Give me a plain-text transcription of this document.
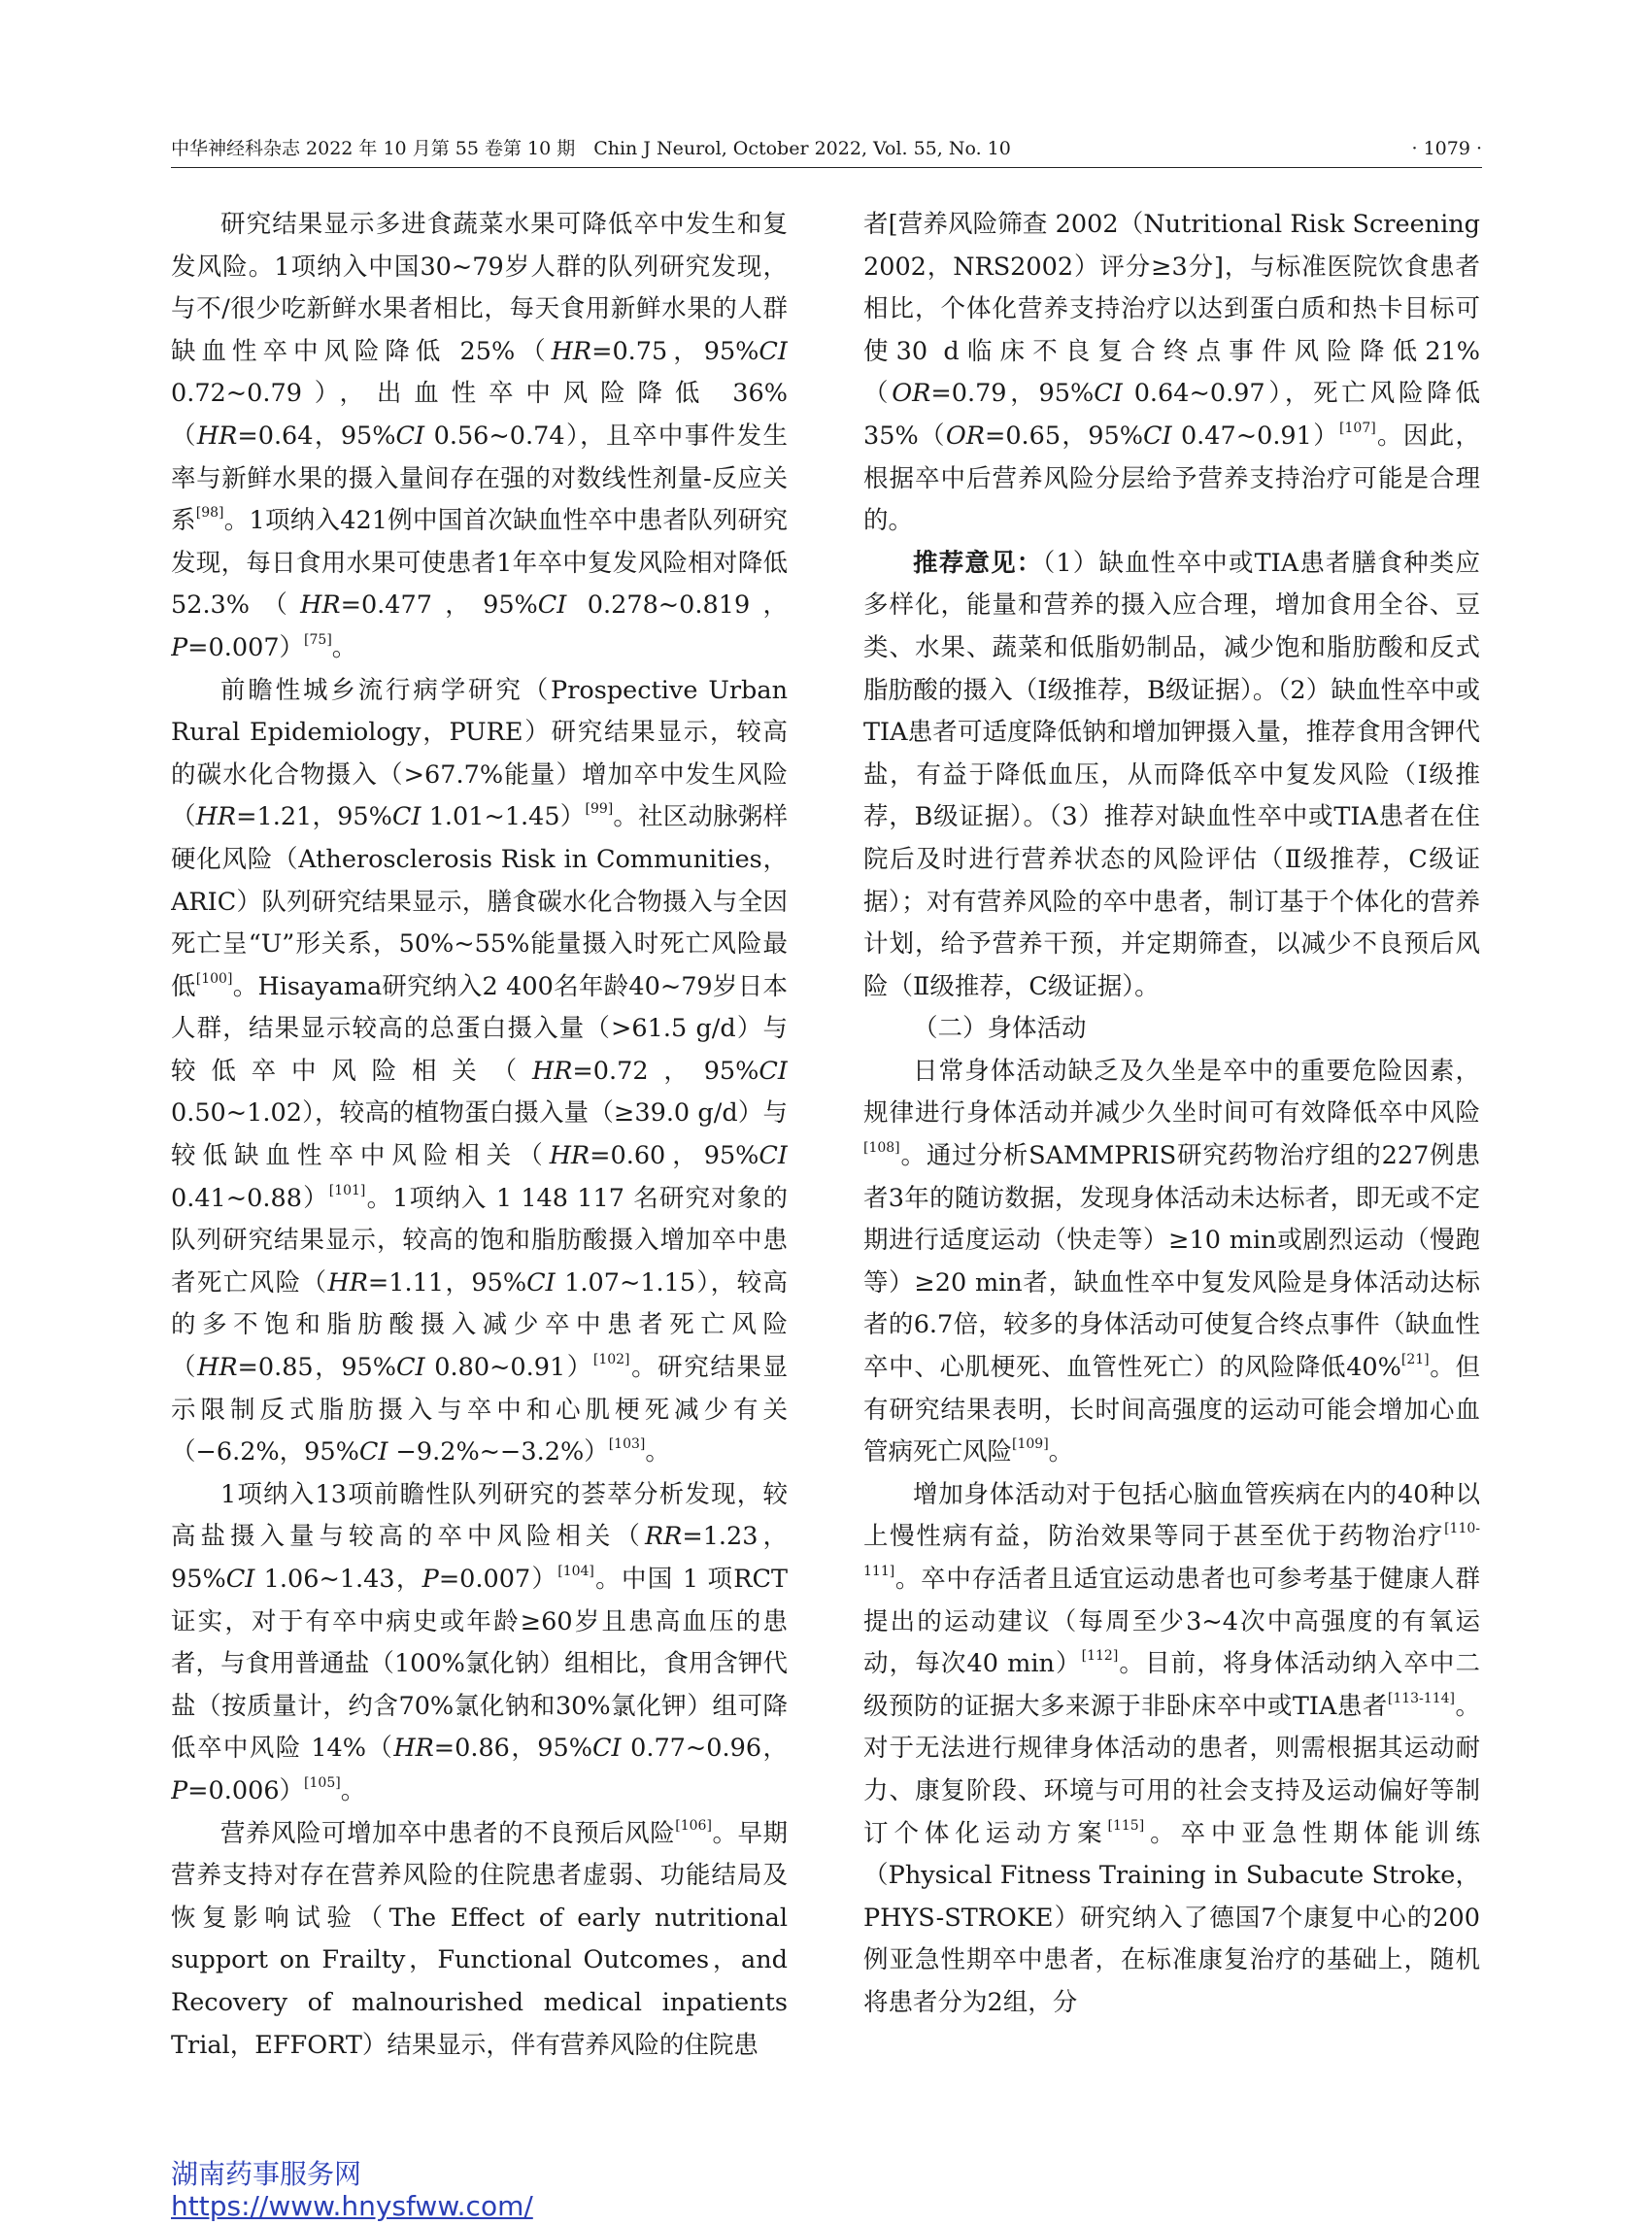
中华神经科杂志 2022 年 10 月第 55 卷第 10 期　Chin J Neurol, October 2022, Vol. 55, No. 10	· 1079 ·

研究结果显示多进食蔬菜水果可降低卒中发生和复发风险。1项纳入中国30~79岁人群的队列研究发现，与不/很少吃新鲜水果者相比，每天食用新鲜水果的人群缺血性卒中风险降低 25%（HR=0.75，95%CI 0.72~0.79），出血性卒中风险降低 36%（HR=0.64，95%CI 0.56~0.74），且卒中事件发生率与新鲜水果的摄入量间存在强的对数线性剂量-反应关系[98]。1项纳入421例中国首次缺血性卒中患者队列研究发现，每日食用水果可使患者1年卒中复发风险相对降低 52.3%（HR=0.477，95%CI 0.278~0.819，P=0.007）[75]。

前瞻性城乡流行病学研究（Prospective Urban Rural Epidemiology，PURE）研究结果显示，较高的碳水化合物摄入（>67.7%能量）增加卒中发生风险（HR=1.21，95%CI 1.01~1.45）[99]。社区动脉粥样硬化风险（Atherosclerosis Risk in Communities，ARIC）队列研究结果显示，膳食碳水化合物摄入与全因死亡呈“U”形关系，50%~55%能量摄入时死亡风险最低[100]。Hisayama研究纳入2 400名年龄40~79岁日本人群，结果显示较高的总蛋白摄入量（>61.5 g/d）与较低卒中风险相关（HR=0.72，95%CI 0.50~1.02），较高的植物蛋白摄入量（≥39.0 g/d）与较低缺血性卒中风险相关（HR=0.60，95%CI 0.41~0.88）[101]。1项纳入 1 148 117 名研究对象的队列研究结果显示，较高的饱和脂肪酸摄入增加卒中患者死亡风险（HR=1.11，95%CI 1.07~1.15），较高的多不饱和脂肪酸摄入减少卒中患者死亡风险（HR=0.85，95%CI 0.80~0.91）[102]。研究结果显示限制反式脂肪摄入与卒中和心肌梗死减少有关（−6.2%，95%CI −9.2%~−3.2%）[103]。

1项纳入13项前瞻性队列研究的荟萃分析发现，较高盐摄入量与较高的卒中风险相关（RR=1.23，95%CI 1.06~1.43，P=0.007）[104]。中国 1 项RCT证实，对于有卒中病史或年龄≥60岁且患高血压的患者，与食用普通盐（100%氯化钠）组相比，食用含钾代盐（按质量计，约含70%氯化钠和30%氯化钾）组可降低卒中风险 14%（HR=0.86，95%CI 0.77~0.96，P=0.006）[105]。

营养风险可增加卒中患者的不良预后风险[106]。早期营养支持对存在营养风险的住院患者虚弱、功能结局及恢复影响试验（The Effect of early nutritional support on Frailty，Functional Outcomes，and Recovery of malnourished medical inpatients Trial，EFFORT）结果显示，伴有营养风险的住院患

者[营养风险筛查 2002（Nutritional Risk Screening 2002，NRS2002）评分≥3分]，与标准医院饮食患者相比，个体化营养支持治疗以达到蛋白质和热卡目标可使30 d临床不良复合终点事件风险降低21%（OR=0.79，95%CI 0.64~0.97），死亡风险降低 35%（OR=0.65，95%CI 0.47~0.91）[107]。因此，根据卒中后营养风险分层给予营养支持治疗可能是合理的。

推荐意见：（1）缺血性卒中或TIA患者膳食种类应多样化，能量和营养的摄入应合理，增加食用全谷、豆类、水果、蔬菜和低脂奶制品，减少饱和脂肪酸和反式脂肪酸的摄入（Ⅰ级推荐，B级证据）。（2）缺血性卒中或TIA患者可适度降低钠和增加钾摄入量，推荐食用含钾代盐，有益于降低血压，从而降低卒中复发风险（Ⅰ级推荐，B级证据）。（3）推荐对缺血性卒中或TIA患者在住院后及时进行营养状态的风险评估（Ⅱ级推荐，C级证据）；对有营养风险的卒中患者，制订基于个体化的营养计划，给予营养干预，并定期筛查，以减少不良预后风险（Ⅱ级推荐，C级证据）。

（二）身体活动

日常身体活动缺乏及久坐是卒中的重要危险因素，规律进行身体活动并减少久坐时间可有效降低卒中风险[108]。通过分析SAMMPRIS研究药物治疗组的227例患者3年的随访数据，发现身体活动未达标者，即无或不定期进行适度运动（快走等）≥10 min或剧烈运动（慢跑等）≥20 min者，缺血性卒中复发风险是身体活动达标者的6.7倍，较多的身体活动可使复合终点事件（缺血性卒中、心肌梗死、血管性死亡）的风险降低40%[21]。但有研究结果表明，长时间高强度的运动可能会增加心血管病死亡风险[109]。

增加身体活动对于包括心脑血管疾病在内的40种以上慢性病有益，防治效果等同于甚至优于药物治疗[110-111]。卒中存活者且适宜运动患者也可参考基于健康人群提出的运动建议（每周至少3~4次中高强度的有氧运动，每次40 min）[112]。目前，将身体活动纳入卒中二级预防的证据大多来源于非卧床卒中或TIA患者[113-114]。对于无法进行规律身体活动的患者，则需根据其运动耐力、康复阶段、环境与可用的社会支持及运动偏好等制订个体化运动方案[115]。卒中亚急性期体能训练（Physical Fitness Training in Subacute Stroke，PHYS-STROKE）研究纳入了德国7个康复中心的200例亚急性期卒中患者，在标准康复治疗的基础上，随机将患者分为2组，分

湖南药事服务网
https://www.hnysfww.com/
